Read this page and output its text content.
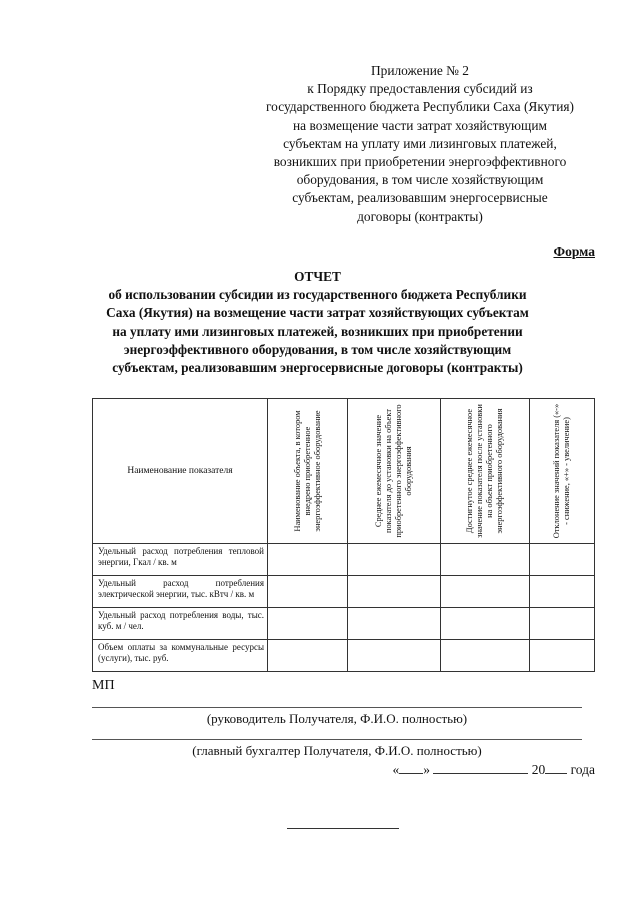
Приложение № 2
к Порядку предоставления субсидий из
государственного бюджета Республики Саха (Якутия)
на возмещение части затрат хозяйствующим
субъектам на уплату ими лизинговых платежей,
возникших при приобретении энергоэффективного
оборудования, в том числе хозяйствующим
субъектам, реализовавшим энергосервисные
договоры (контракты)
Форма
ОТЧЕТ
об использовании субсидии из государственного бюджета Республики
Саха (Якутия) на возмещение части затрат хозяйствующих субъектам
на уплату ими лизинговых платежей, возникших при приобретении
энергоэффективного оборудования, в том числе хозяйствующим
субъектам, реализовавшим энергосервисные договоры (контракты)
Наименование показателя	Наименование объекта, в котором внедрено приобретенное энергоэффективное оборудование	Среднее ежемесячное значение показателя до установки на объект приобретенного энергоэффективного оборудования	Достигнутое среднее ежемесячное значение показателя после установки на объект приобретенного энергоэффективного оборудования	Отклонение значений показателя («-» - снижение, «+» - увеличение)

Удельный расход потребления тепловой энергии, Гкал / кв. м				
Удельный расход потребления электрической энергии, тыс. кВтч / кв. м				
Удельный расход потребления воды, тыс. куб. м / чел.				
Объем оплаты за коммунальные ресурсы (услуги), тыс. руб.				
МП
(руководитель Получателя, Ф.И.О. полностью)
(главный бухгалтер Получателя, Ф.И.О. полностью)
« »	20 года
